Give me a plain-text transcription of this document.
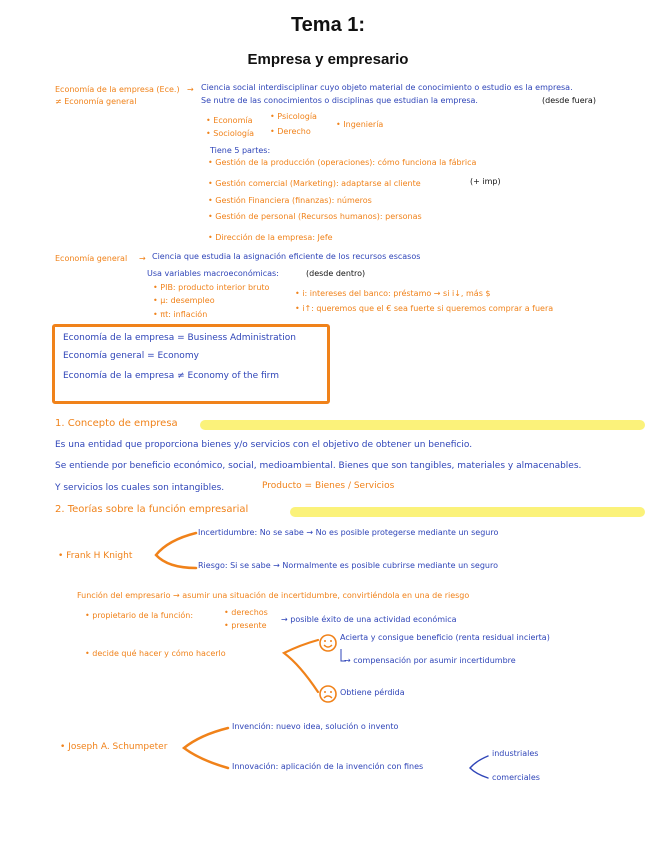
Tema 1:
Empresa y empresario
Economía de la empresa (Ece.)
≠ Economía general
→ Ciencia social interdisciplinar cuyo objeto material de conocimiento o estudio es la empresa.
Se nutre de las conocimientos o disciplinas que estudian la empresa.	(desde fuera)
• Economía • Psicología
• Sociología • Derecho
• Ingeniería
Tiene 5 partes:
• Gestión de la producción (operaciones): cómo funciona la fábrica
• Gestión comercial (Marketing): adaptarse al cliente	(+ imp)
• Gestión Financiera (finanzas): números
• Gestión de personal (Recursos humanos): personas
• Dirección de la empresa: Jefe
Economía general → Ciencia que estudia la asignación eficiente de los recursos escasos
Usa variables macroeconómicas:	(desde dentro)
• PIB: producto interior bruto
• µ: desempleo
• πt: inflación
• i: intereses del banco: préstamo → si i↓, más $
• i↑: queremos que el € sea fuerte si queremos comprar a fuera
Economía de la empresa = Business Administration
Economía general = Economy
Economía de la empresa ≠ Economy of the firm
1. Concepto de empresa
Es una entidad que proporciona bienes y/o servicios con el objetivo de obtener un beneficio.
Se entiende por beneficio económico, social, medioambiental. Bienes que son tangibles, materiales y almacenables.
Y servicios los cuales son intangibles.	Producto = Bienes / Servicios
2. Teorías sobre la función empresarial
• Frank H Knight
Incertidumbre: No se sabe → No es posible protegerse mediante un seguro
Riesgo: Si se sabe → Normalmente es posible cubrirse mediante un seguro
Función del empresario → asumir una situación de incertidumbre, convirtiéndola en una de riesgo
• propietario de la función:	• derechos
• presente
→ posible éxito de una actividad económica
• decide qué hacer y cómo hacerlo
Acierta y consigue beneficio (renta residual incierta)
→ compensación por asumir incertidumbre
Obtiene pérdida
• Joseph A. Schumpeter
Invención: nuevo idea, solución o invento
Innovación: aplicación de la invención con fines
industriales
comerciales
